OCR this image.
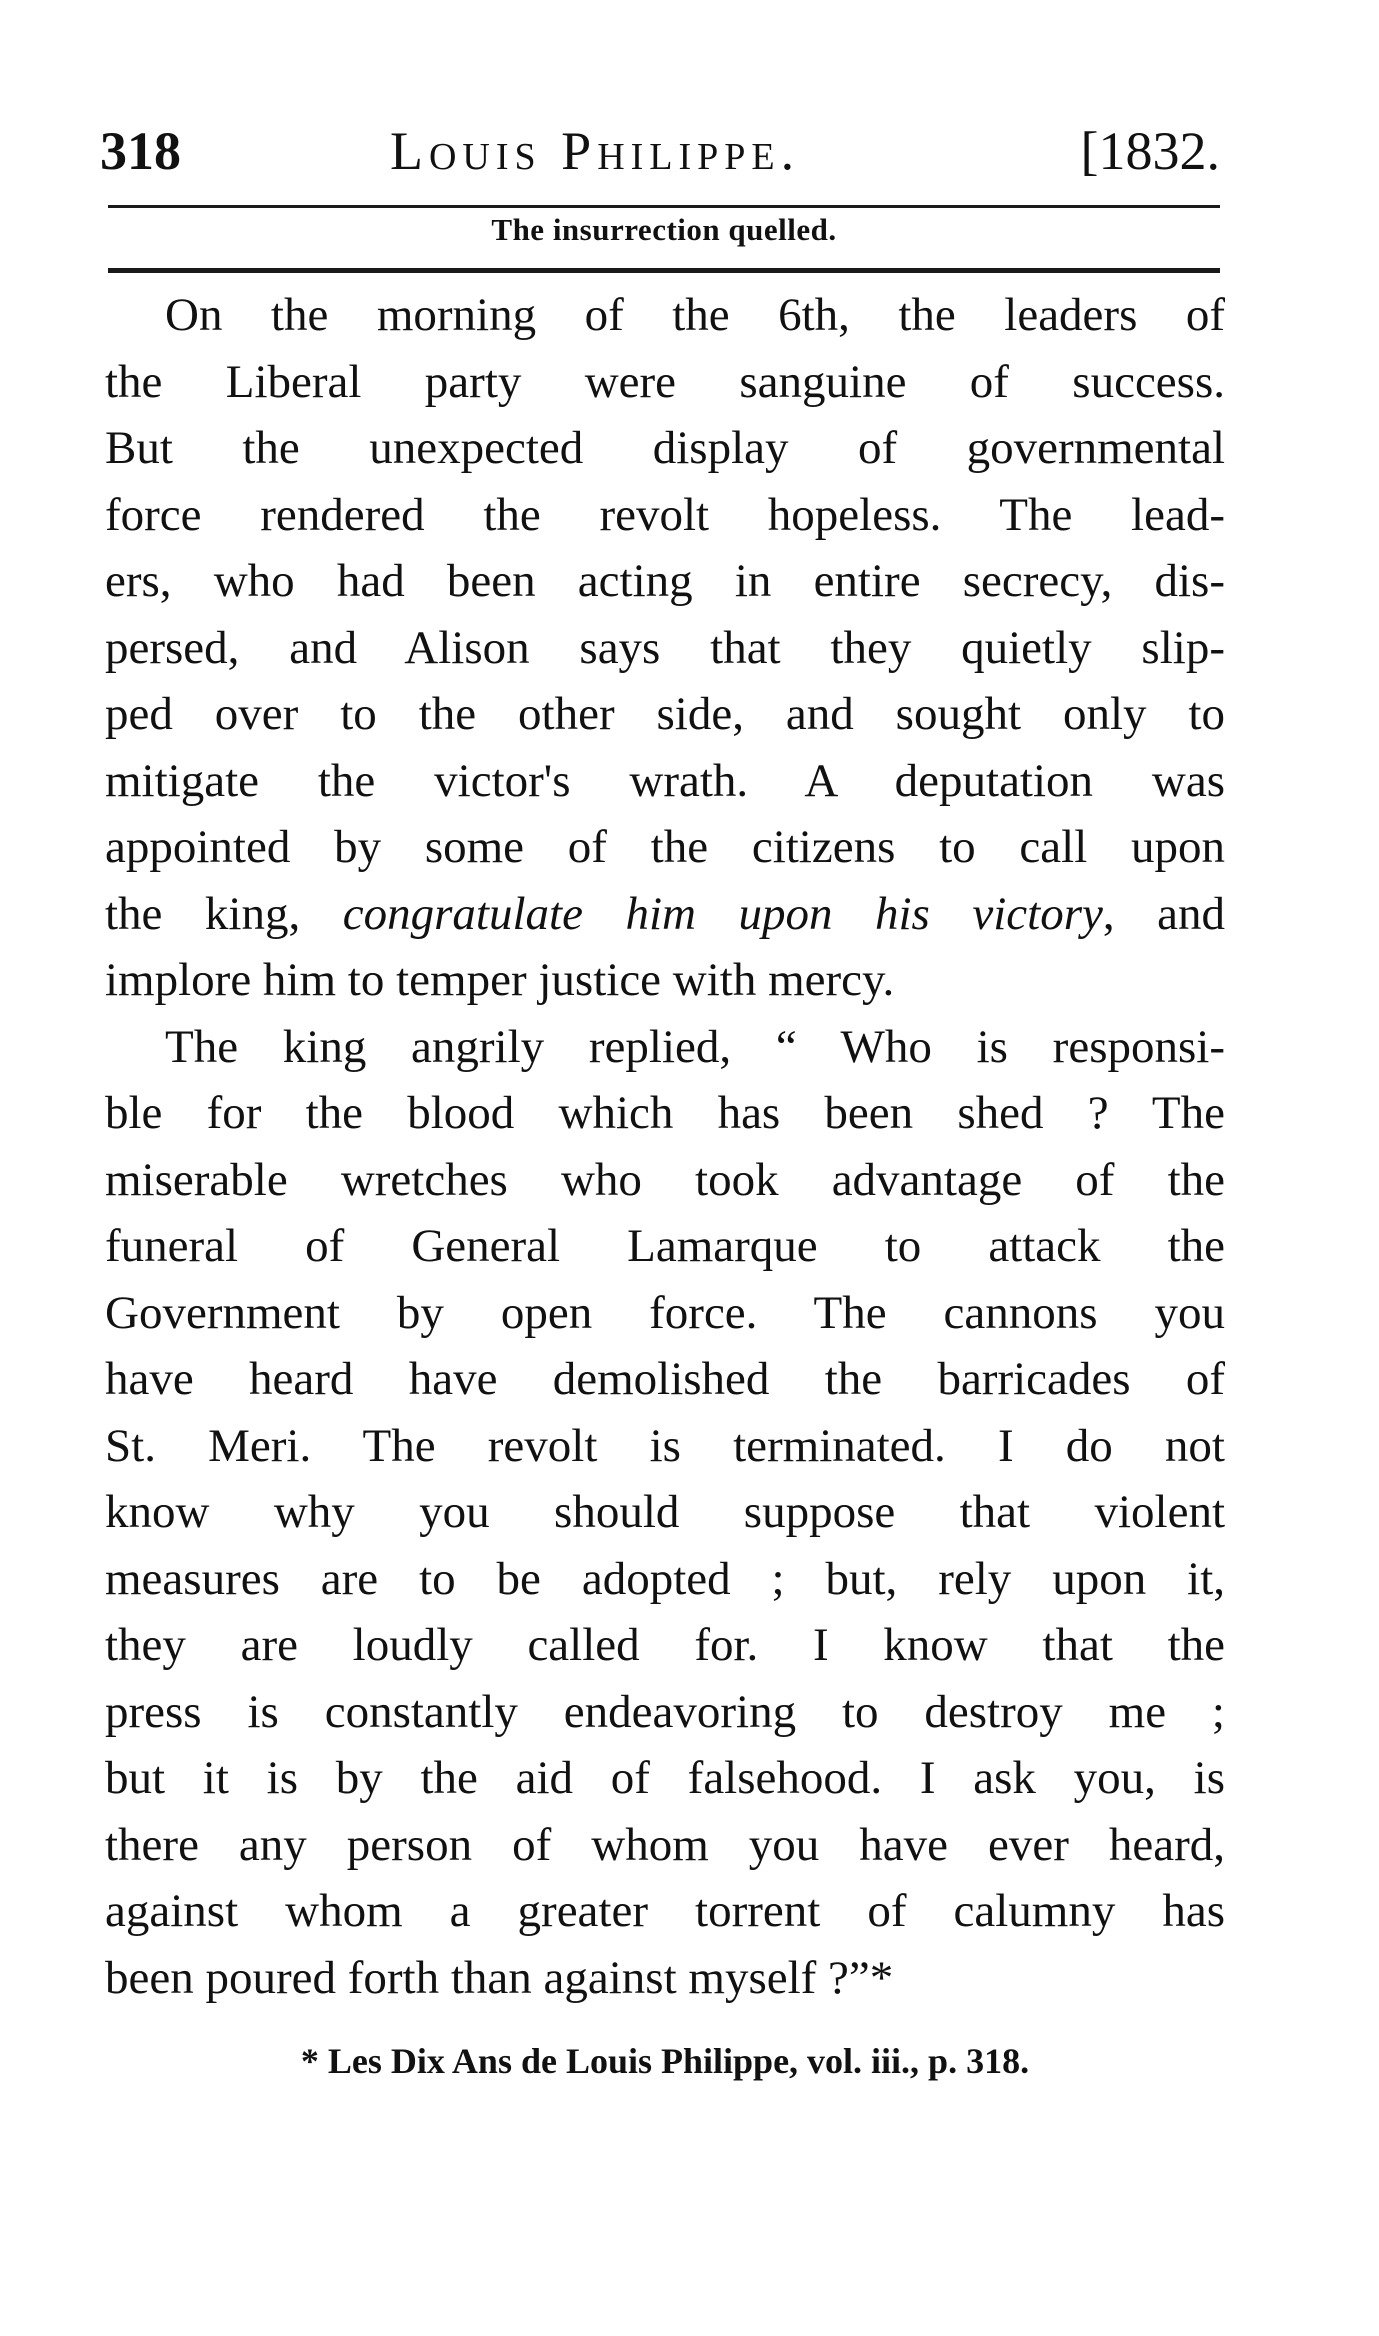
318	Louis Philippe.	[1832.
The insurrection quelled.
On the morning of the 6th, the leaders of
the Liberal party were sanguine of success.
But the unexpected display of governmental
force rendered the revolt hopeless. The lead-
ers, who had been acting in entire secrecy, dis-
persed, and Alison says that they quietly slip-
ped over to the other side, and sought only to
mitigate the victor's wrath. A deputation was
appointed by some of the citizens to call upon
the king, congratulate him upon his victory, and
implore him to temper justice with mercy.
The king angrily replied, “ Who is responsi-
ble for the blood which has been shed ? The
miserable wretches who took advantage of the
funeral of General Lamarque to attack the
Government by open force. The cannons you
have heard have demolished the barricades of
St. Meri. The revolt is terminated. I do not
know why you should suppose that violent
measures are to be adopted ; but, rely upon it,
they are loudly called for. I know that the
press is constantly endeavoring to destroy me ;
but it is by the aid of falsehood. I ask you, is
there any person of whom you have ever heard,
against whom a greater torrent of calumny has
been poured forth than against myself ?”*
* Les Dix Ans de Louis Philippe, vol. iii., p. 318.
